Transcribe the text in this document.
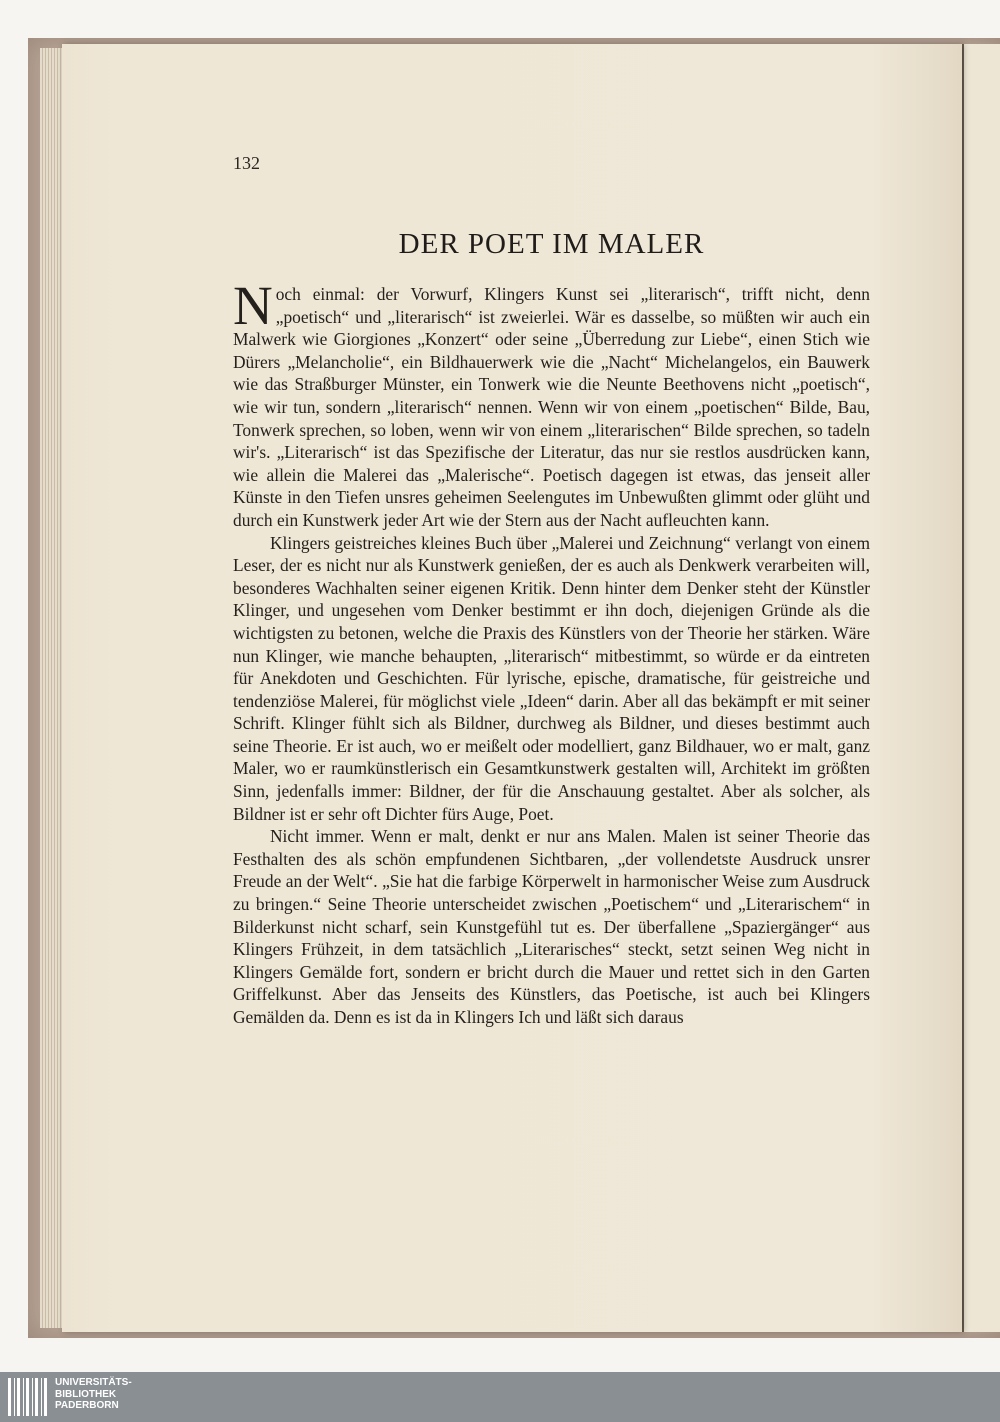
132
DER POET IM MALER

Noch einmal: der Vorwurf, Klingers Kunst sei „literarisch“, trifft nicht, denn „poetisch“ und „literarisch“ ist zweierlei. Wär es dasselbe, so müßten wir auch ein Malwerk wie Giorgiones „Konzert“ oder seine „Überredung zur Liebe“, einen Stich wie Dürers „Melancholie“, ein Bildhauerwerk wie die „Nacht“ Michelangelos, ein Bauwerk wie das Straßburger Münster, ein Tonwerk wie die Neunte Beethovens nicht „poetisch“, wie wir tun, sondern „literarisch“ nennen. Wenn wir von einem „poetischen“ Bilde, Bau, Tonwerk sprechen, so loben, wenn wir von einem „literarischen“ Bilde sprechen, so tadeln wir's. „Literarisch“ ist das Spezifische der Literatur, das nur sie restlos ausdrücken kann, wie allein die Malerei das „Malerische“. Poetisch dagegen ist etwas, das jenseit aller Künste in den Tiefen unsres geheimen Seelengutes im Unbewußten glimmt oder glüht und durch ein Kunstwerk jeder Art wie der Stern aus der Nacht aufleuchten kann.

Klingers geistreiches kleines Buch über „Malerei und Zeichnung“ verlangt von einem Leser, der es nicht nur als Kunstwerk genießen, der es auch als Denkwerk verarbeiten will, besonderes Wachhalten seiner eigenen Kritik. Denn hinter dem Denker steht der Künstler Klinger, und ungesehen vom Denker bestimmt er ihn doch, diejenigen Gründe als die wichtigsten zu betonen, welche die Praxis des Künstlers von der Theorie her stärken. Wäre nun Klinger, wie manche behaupten, „literarisch“ mitbestimmt, so würde er da eintreten für Anekdoten und Geschichten. Für lyrische, epische, dramatische, für geistreiche und tendenziöse Malerei, für möglichst viele „Ideen“ darin. Aber all das bekämpft er mit seiner Schrift. Klinger fühlt sich als Bildner, durchweg als Bildner, und dieses bestimmt auch seine Theorie. Er ist auch, wo er meißelt oder modelliert, ganz Bildhauer, wo er malt, ganz Maler, wo er raumkünstlerisch ein Gesamtkunstwerk gestalten will, Architekt im größten Sinn, jedenfalls immer: Bildner, der für die Anschauung gestaltet. Aber als solcher, als Bildner ist er sehr oft Dichter fürs Auge, Poet.

Nicht immer. Wenn er malt, denkt er nur ans Malen. Malen ist seiner Theorie das Festhalten des als schön empfundenen Sichtbaren, „der vollendetste Ausdruck unsrer Freude an der Welt“. „Sie hat die farbige Körperwelt in harmonischer Weise zum Ausdruck zu bringen.“ Seine Theorie unterscheidet zwischen „Poetischem“ und „Literarischem“ in Bilderkunst nicht scharf, sein Kunstgefühl tut es. Der überfallene „Spaziergänger“ aus Klingers Frühzeit, in dem tatsächlich „Literarisches“ steckt, setzt seinen Weg nicht in Klingers Gemälde fort, sondern er bricht durch die Mauer und rettet sich in den Garten Griffelkunst. Aber das Jenseits des Künstlers, das Poetische, ist auch bei Klingers Gemälden da. Denn es ist da in Klingers Ich und läßt sich daraus

UNIVERSITÄTS-
BIBLIOTHEK
PADERBORN
